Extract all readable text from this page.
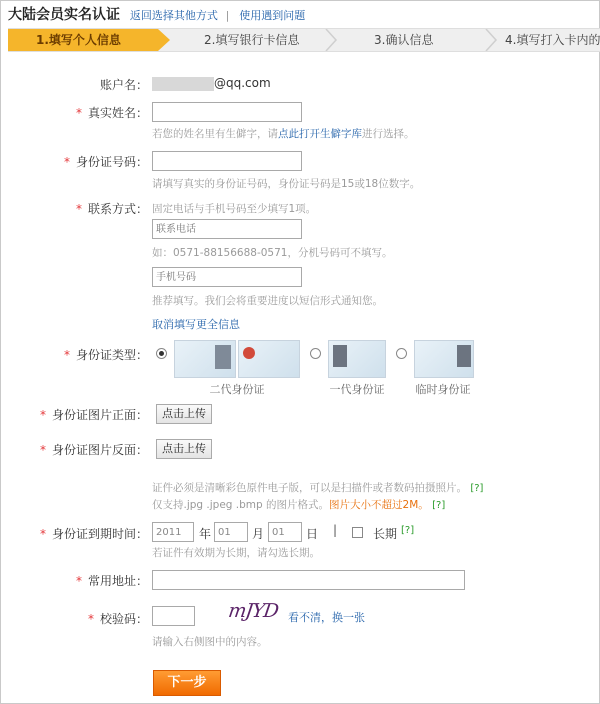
大陆会员实名认证 返回选择其他方式 | 使用遇到问题
1.填写个人信息	2.填写银行卡信息	3.确认信息	4.填写打入卡内的
账户名：	@qq.com
* 真实姓名：
若您的姓名里有生僻字，请点此打开生僻字库进行选择。
* 身份证号码：
请填写真实的身份证号码，身份证号码是15或18位数字。
* 联系方式： 固定电话与手机号码至少填写1项。
联系电话
如：0571-88156688-0571，分机号码可不填写。
手机号码
推荐填写。我们会将重要进度以短信形式通知您。
取消填写更全信息
* 身份证类型：
二代身份证	一代身份证	临时身份证
* 身份证图片正面：	点击上传
* 身份证图片反面：	点击上传
证件必须是清晰彩色原件电子版，可以是扫描件或者数码拍摄照片。 [?]
仅支持.jpg .jpeg .bmp 的图片格式。图片大小不超过2M。 [?]
* 身份证到期时间：
2011	年
01	月
01	日 |	长期 [?]
若证件有效期为长期，请勾选长期。
* 常用地址：
* 校验码：	mJYD 看不清，换一张
请输入右侧图中的内容。
下一步
